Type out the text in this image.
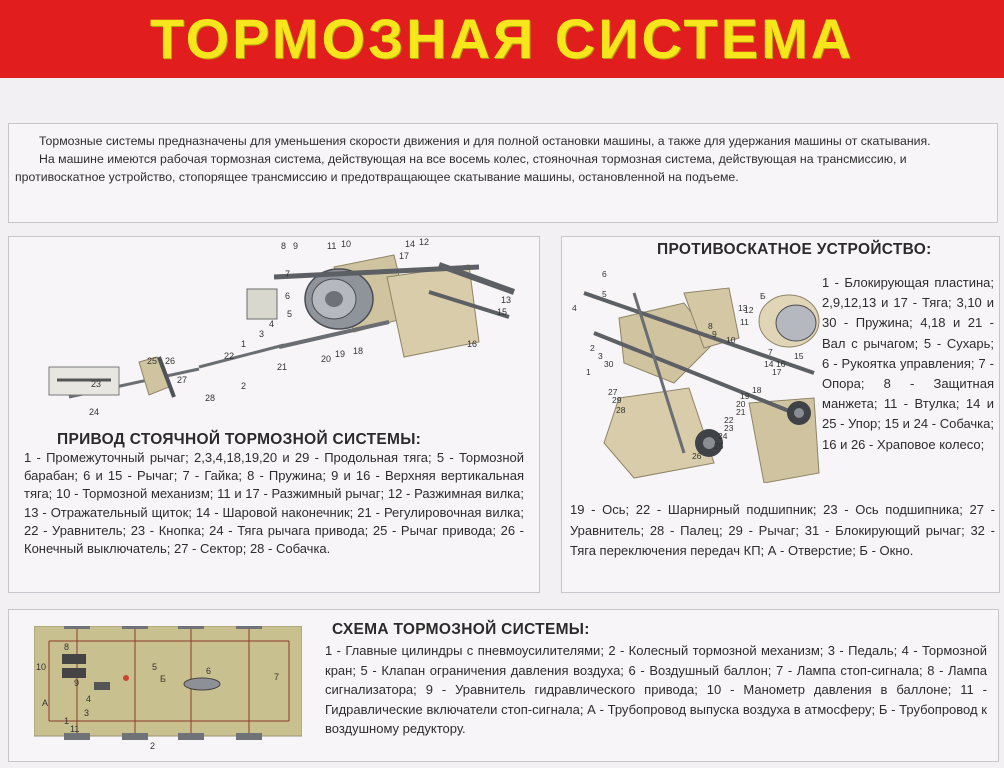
ТОРМОЗНАЯ СИСТЕМА

Тормозные системы предназначены для уменьшения скорости движения и для полной остановки машины, а также для удержания машины от скатывания.

На машине имеются рабочая тормозная система, действующая на все восемь колес, стояночная тормозная система, действующая на трансмиссию, и противоскатное устройство, стопорящее трансмиссию и предотвращающее скатывание машины, остановленной на подъеме.

8 9	11 10
7
6
5
14 12
17
15
16
13
4
3
1
2
21
20 19 18
22
23
24
25 26
27
28
ПРИВОД СТОЯЧНОЙ ТОРМОЗНОЙ СИСТЕМЫ:
1 - Промежуточный рычаг; 2,3,4,18,19,20 и 29 - Продольная тяга; 5 - Тормозной барабан; 6 и 15 - Рычаг; 7 - Гайка; 8 - Пружина; 9 и 16 - Верхняя вертикальная тяга; 10 - Тормозной механизм; 11 и 17 - Разжимный рычаг; 12 - Разжимная вилка; 13 - Отражательный щиток; 14 - Шаровой наконечник; 21 - Регулировочная вилка; 22 - Уравнитель; 23 - Кнопка; 24 - Тяга рычага привода; 25 - Рычаг привода; 26 - Конечный выключатель; 27 - Сектор; 28 - Собачка.
ПРОТИВОСКАТНОЕ УСТРОЙСТВО:
6
5
4
2
30
3
1
29
28
27
26
25
24
23
22
21
20
19
18
17
16
15
14
13
11
12
10
9
8
7
Б
1 - Блокирующая пластина; 2,9,12,13 и 17 - Тяга; 3,10 и 30 - Пружина; 4,18 и 21 - Вал с рычагом; 5 - Сухарь; 6 - Рукоятка управления; 7 - Опора; 8 - Защитная манжета; 11 - Втулка; 14 и 25 - Упор; 15 и 24 - Собачка; 16 и 26 - Храповое колесо;
19 - Ось; 22 - Шарнирный подшипник; 23 - Ось подшипника; 27 - Уравнитель; 28 - Палец; 29 - Рычаг; 31 - Блокирующий рычаг; 32 - Тяга переключения передач КП; А - Отверстие; Б - Окно.
10
A
8
9
5
Б
6
7
4
3
2
1
11
СХЕМА ТОРМОЗНОЙ СИСТЕМЫ:
1 - Главные цилиндры с пневмоусилителями; 2 - Колесный тормозной механизм; 3 - Педаль; 4 - Тормозной кран; 5 - Клапан ограничения давления воздуха; 6 - Воздушный баллон; 7 - Лампа стоп-сигнала; 8 - Лампа сигнализатора; 9 - Уравнитель гидравлического привода; 10 - Манометр давления в баллоне; 11 - Гидравлические включатели стоп-сигнала; А - Трубопровод выпуска воздуха в атмосферу; Б - Трубопровод к воздушному редуктору.
